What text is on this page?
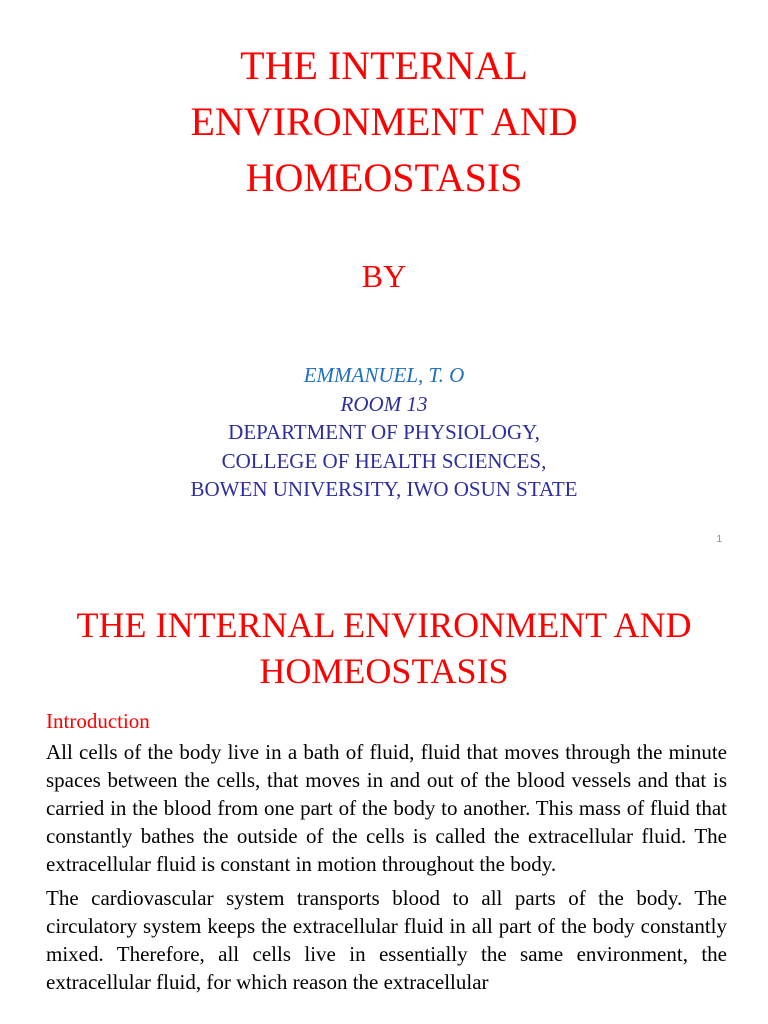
THE INTERNAL
ENVIRONMENT AND
HOMEOSTASIS
BY
EMMANUEL, T. O
ROOM 13
DEPARTMENT OF PHYSIOLOGY,
COLLEGE OF HEALTH SCIENCES,
BOWEN UNIVERSITY, IWO OSUN STATE
1
THE INTERNAL ENVIRONMENT AND
HOMEOSTASIS
Introduction

All cells of the body live in a bath of fluid, fluid that moves through the minute spaces between the cells, that moves in and out of the blood vessels and that is carried in the blood from one part of the body to another. This mass of fluid that constantly bathes the outside of the cells is called the extracellular fluid. The extracellular fluid is constant in motion throughout the body.

The cardiovascular system transports blood to all parts of the body. The circulatory system keeps the extracellular fluid in all part of the body constantly mixed. Therefore, all cells live in essentially the same environment, the extracellular fluid, for which reason the extracellular
